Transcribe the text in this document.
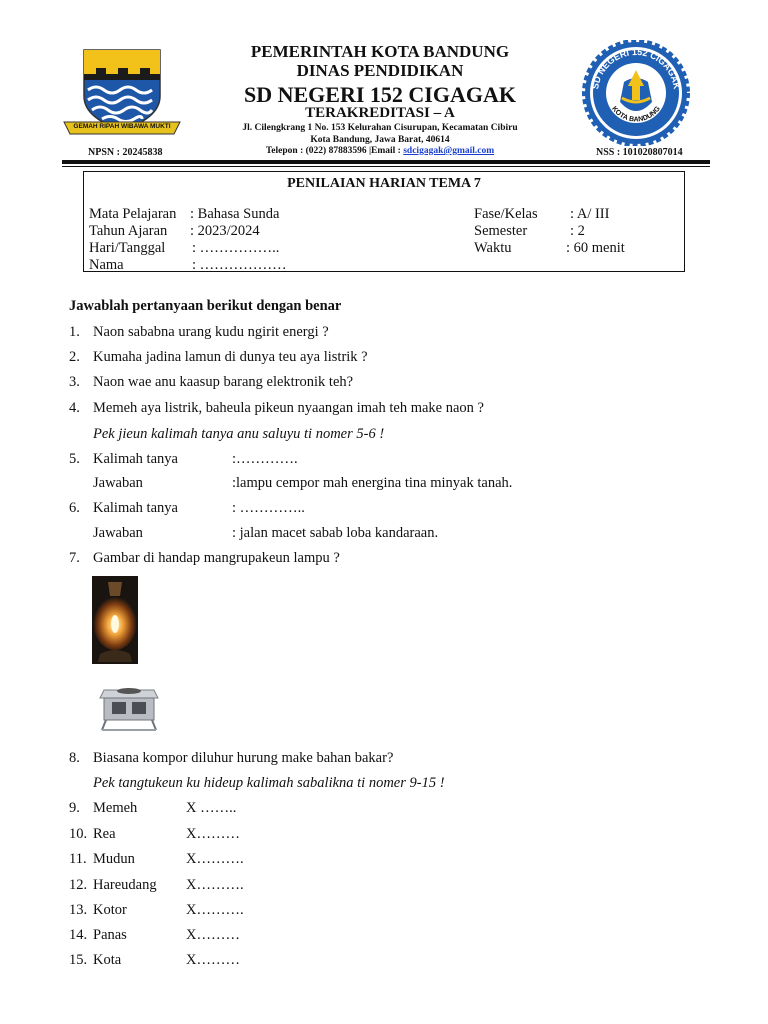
GEMAH RIPAH WIBAWA MUKTI
PEMERINTAH KOTA BANDUNG
DINAS PENDIDIKAN
SD NEGERI 152 CIGAGAK
TERAKREDITASI – A
Jl. Cilengkrang 1 No. 153 Kelurahan Cisurupan, Kecamatan Cibiru
Kota Bandung, Jawa Barat, 40614
Telepon : (022) 87883596 |Email : sdcigagak@gmail.com
NPSN : 20245838	NSS : 101020807014
SD NEGERI 152 CIGAGAK
KOTA BANDUNG
PENILAIAN HARIAN TEMA 7
Mata Pelajaran : Bahasa Sunda
Tahun Ajaran : 2023/2024
Hari/Tanggal : ……………..
Nama	: ………………
Fase/Kelas : A/ III
Semester	: 2
Waktu	: 60 menit
Jawablah pertanyaan berikut dengan benar
1. Naon sababna urang kudu ngirit energi ?
2. Kumaha jadina lamun di dunya teu aya listrik ?
3. Naon wae anu kaasup barang elektronik teh?
4. Memeh aya listrik, baheula pikeun nyaangan imah teh make naon ?
Pek jieun kalimah tanya anu saluyu ti nomer 5-6 !
5. Kalimah tanya	:………….
Jawaban	:lampu cempor mah energina tina minyak tanah.
6. Kalimah tanya	: …………..
Jawaban	: jalan macet sabab loba kandaraan.
7. Gambar di handap mangrupakeun lampu ?
8. Biasana kompor diluhur hurung make bahan bakar?
Pek tangtukeun ku hideup kalimah sabalikna ti nomer 9-15 !
9. Memeh	X ……..
10. Rea	X………
11. Mudun	X……….
12. Hareudang X……….
13. Kotor	X……….
14. Panas	X………
15. Kota	X………
